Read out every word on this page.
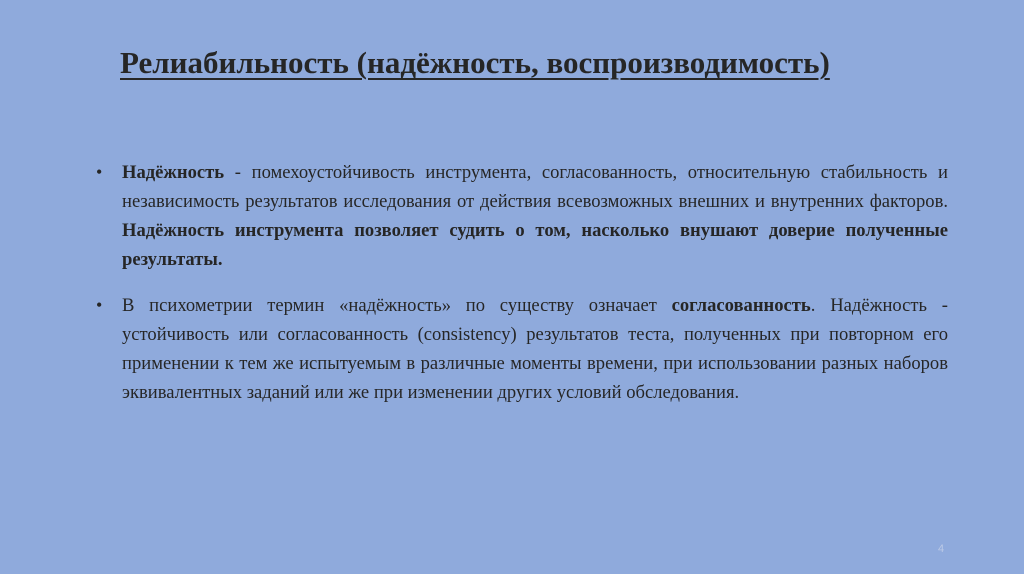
Релиабильность (надёжность, воспроизводимость)
•	Надёжность - помехоустойчивость инструмента, согласованность, относительную стабильность и независимость результатов исследования от действия всевозможных внешних и внутренних факторов. Надёжность инструмента позволяет судить о том, насколько внушают доверие полученные результаты.
•	В психометрии термин «надёжность» по существу означает согласованность. Надёжность - устойчивость или согласованность (consistency) результатов теста, полученных при повторном его применении к тем же испытуемым в различные моменты времени, при использовании разных наборов эквивалентных заданий или же при изменении других условий обследования.
4
